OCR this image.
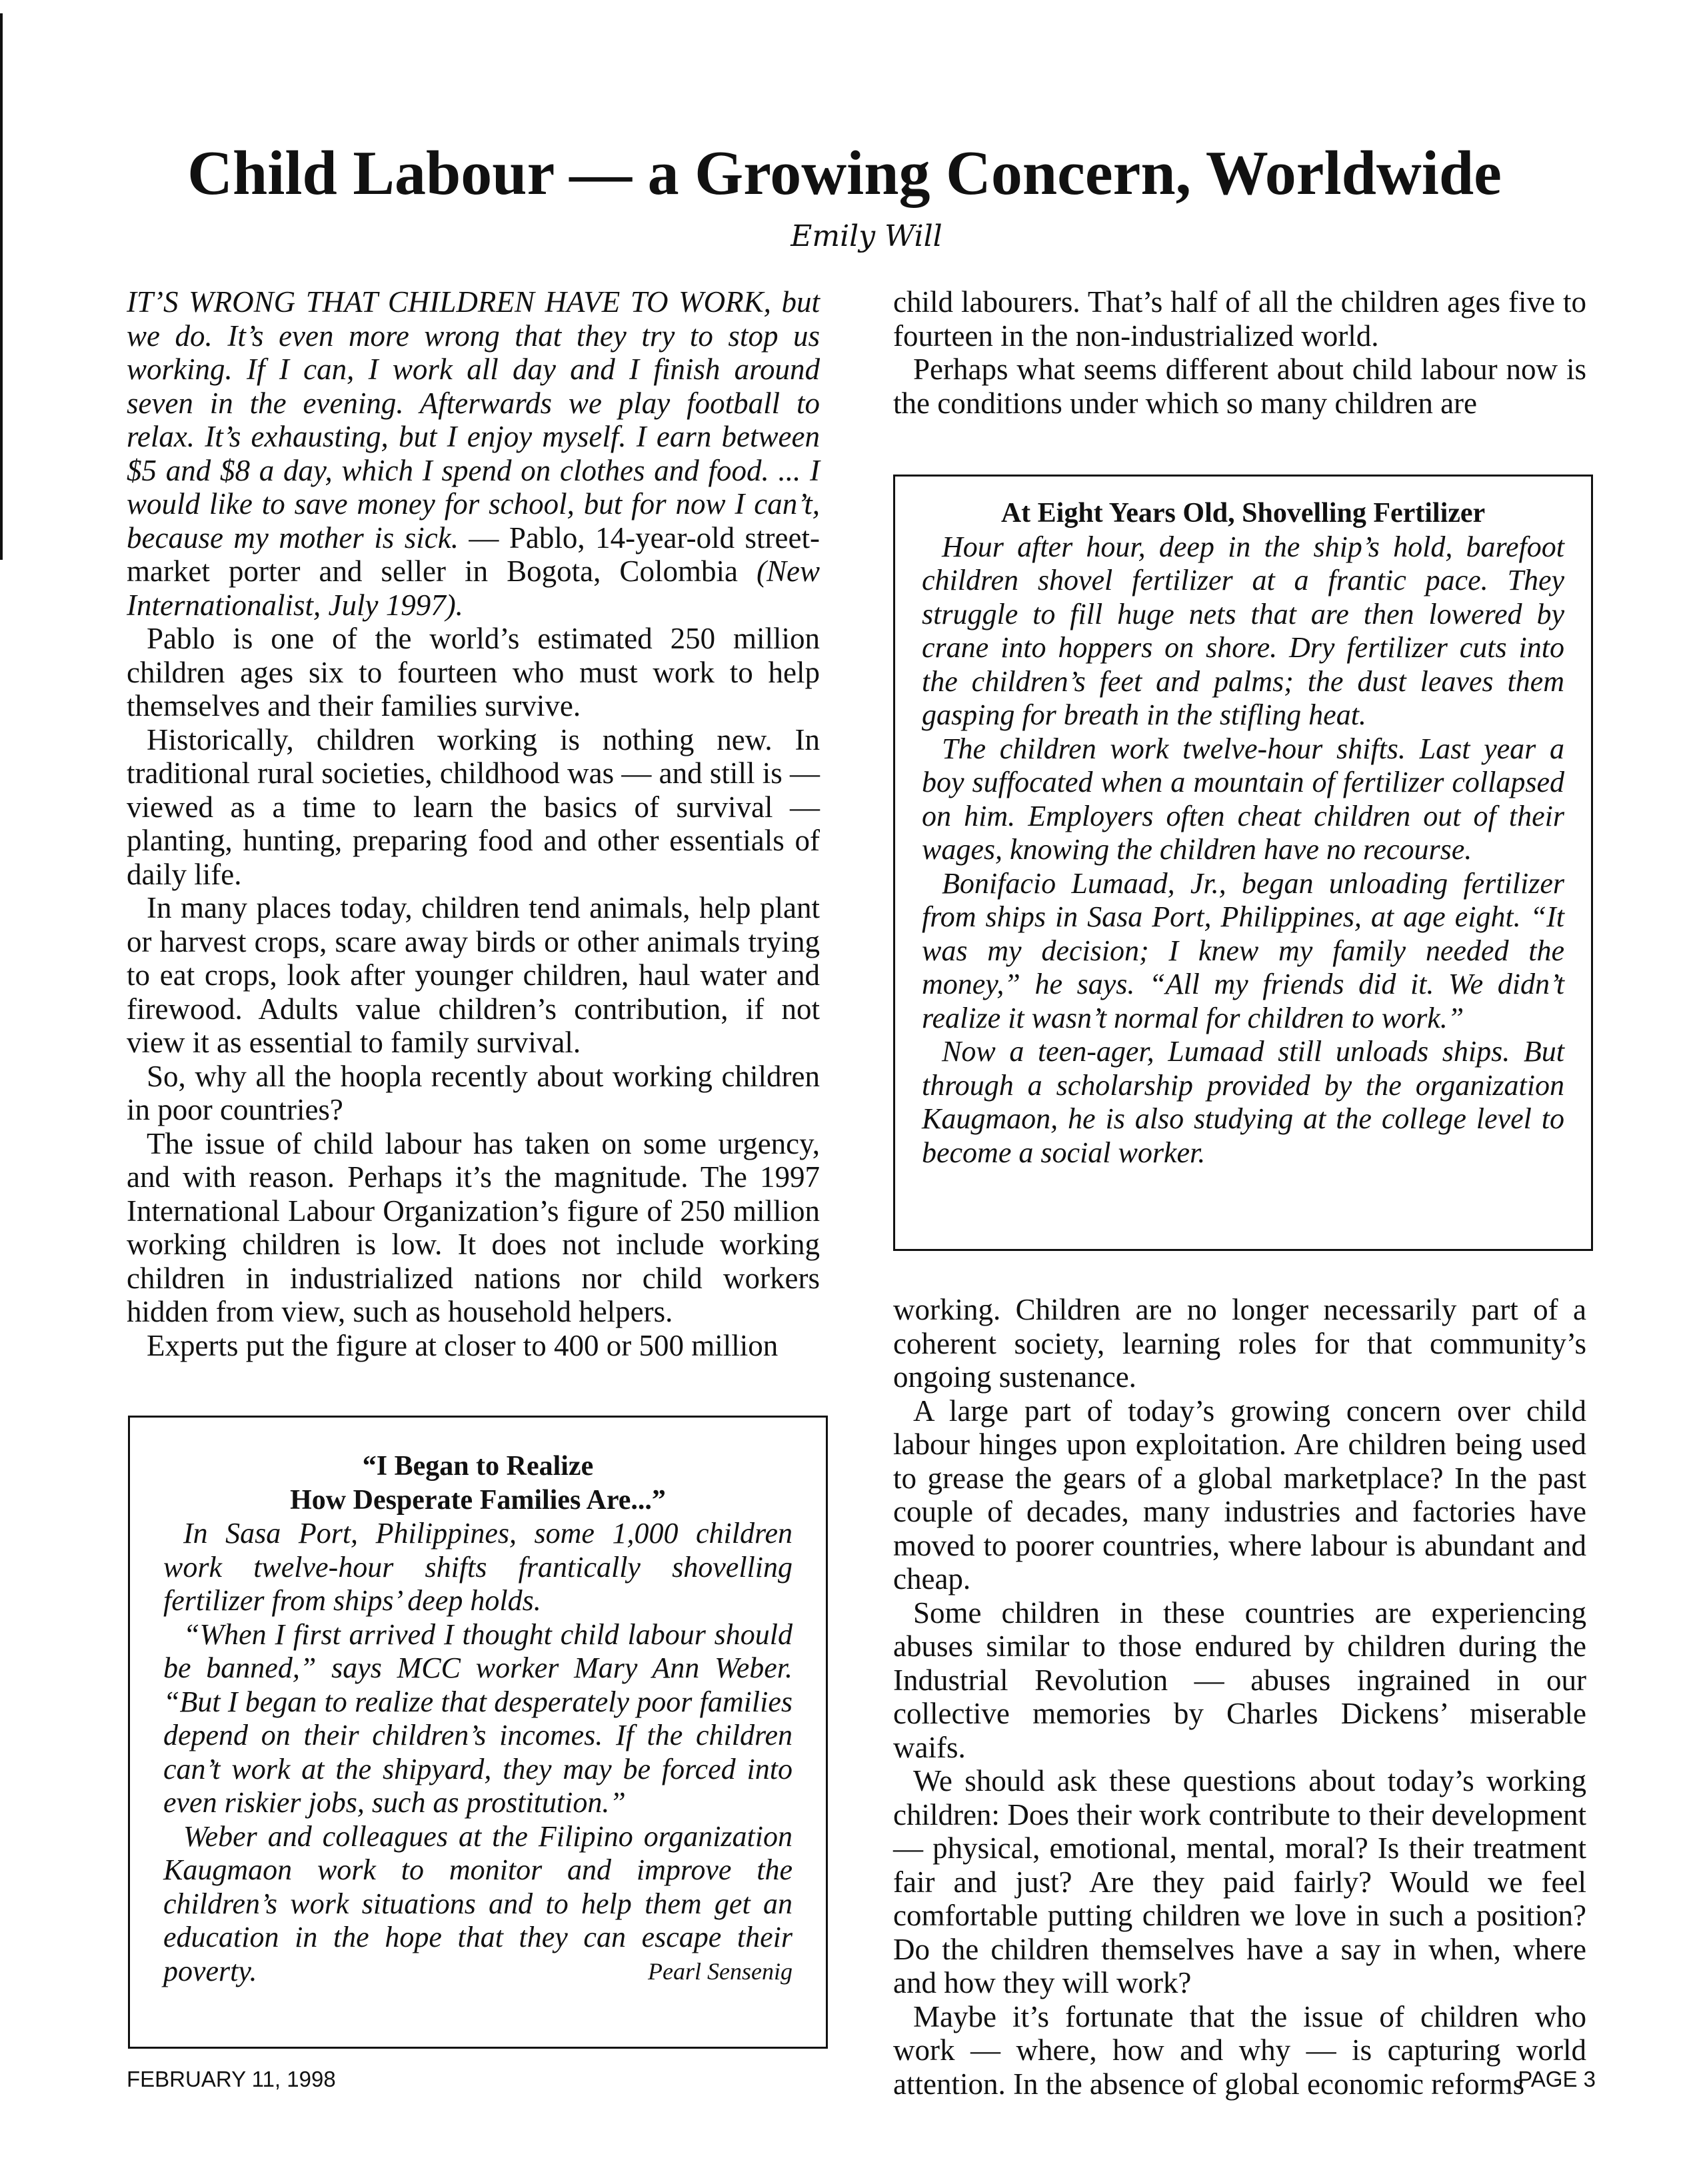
Child Labour — a Growing Concern, Worldwide
Emily Will

IT’S WRONG THAT CHILDREN HAVE TO WORK, but we do. It’s even more wrong that they try to stop us working. If I can, I work all day and I finish around seven in the evening. Afterwards we play football to relax. It’s exhausting, but I enjoy myself. I earn between $5 and $8 a day, which I spend on clothes and food. ... I would like to save money for school, but for now I can’t, because my mother is sick. — Pablo, 14-year-old street-market porter and seller in Bogota, Colombia (New Internationalist, July 1997).

Pablo is one of the world’s estimated 250 million children ages six to fourteen who must work to help themselves and their families survive.

Historically, children working is nothing new. In traditional rural societies, childhood was — and still is — viewed as a time to learn the basics of survival — planting, hunting, preparing food and other essentials of daily life.

In many places today, children tend animals, help plant or harvest crops, scare away birds or other animals trying to eat crops, look after younger children, haul water and firewood. Adults value children’s contribution, if not view it as essential to family survival.

So, why all the hoopla recently about working children in poor countries?

The issue of child labour has taken on some urgency, and with reason. Perhaps it’s the magnitude. The 1997 International Labour Organization’s figure of 250 million working children is low. It does not include working children in industrialized nations nor child workers hidden from view, such as household helpers.

Experts put the figure at closer to 400 or 500 million

“I Began to Realize
How Desperate Families Are...”

In Sasa Port, Philippines, some 1,000 children work twelve-hour shifts frantically shovelling fertilizer from ships’ deep holds.

“When I first arrived I thought child labour should be banned,” says MCC worker Mary Ann Weber. “But I began to realize that desperately poor families depend on their children’s incomes. If the children can’t work at the shipyard, they may be forced into even riskier jobs, such as prostitution.”

Weber and colleagues at the Filipino organization Kaugmaon work to monitor and improve the children’s work situations and to help them get an education in the hope that they can escape their poverty.	Pearl Sensenig

child labourers. That’s half of all the children ages five to fourteen in the non-industrialized world.

Perhaps what seems different about child labour now is the conditions under which so many children are

At Eight Years Old, Shovelling Fertilizer

Hour after hour, deep in the ship’s hold, barefoot children shovel fertilizer at a frantic pace. They struggle to fill huge nets that are then lowered by crane into hoppers on shore. Dry fertilizer cuts into the children’s feet and palms; the dust leaves them gasping for breath in the stifling heat.

The children work twelve-hour shifts. Last year a boy suffocated when a mountain of fertilizer collapsed on him. Employers often cheat children out of their wages, knowing the children have no recourse.

Bonifacio Lumaad, Jr., began unloading fertilizer from ships in Sasa Port, Philippines, at age eight. “It was my decision; I knew my family needed the money,” he says. “All my friends did it. We didn’t realize it wasn’t normal for children to work.”

Now a teen-ager, Lumaad still unloads ships. But through a scholarship provided by the organization Kaugmaon, he is also studying at the college level to become a social worker.

working. Children are no longer necessarily part of a coherent society, learning roles for that community’s ongoing sustenance.

A large part of today’s growing concern over child labour hinges upon exploitation. Are children being used to grease the gears of a global marketplace? In the past couple of decades, many industries and factories have moved to poorer countries, where labour is abundant and cheap.

Some children in these countries are experiencing abuses similar to those endured by children during the Industrial Revolution — abuses ingrained in our collective memories by Charles Dickens’ miserable waifs.

We should ask these questions about today’s working children: Does their work contribute to their development — physical, emotional, mental, moral? Is their treatment fair and just? Are they paid fairly? Would we feel comfortable putting children we love in such a position? Do the children themselves have a say in when, where and how they will work?

Maybe it’s fortunate that the issue of children who work — where, how and why — is capturing world attention. In the absence of global economic reforms

FEBRUARY 11, 1998	PAGE 3
